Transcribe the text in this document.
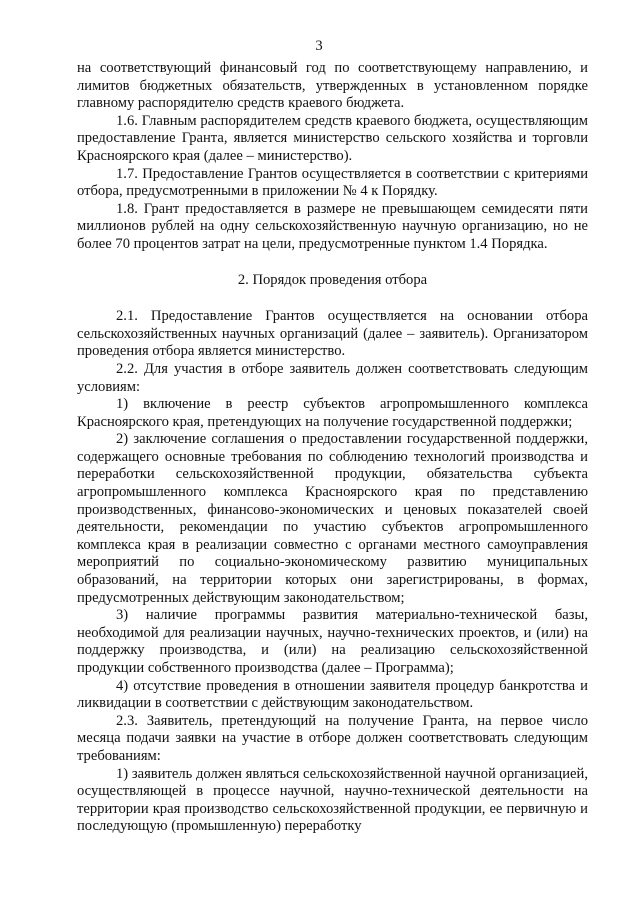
3

на соответствующий финансовый год по соответствующему направлению, и лимитов бюджетных обязательств, утвержденных в установленном порядке главному распорядителю средств краевого бюджета.

1.6. Главным распорядителем средств краевого бюджета, осуществляющим предоставление Гранта, является министерство сельского хозяйства и торговли Красноярского края (далее – министерство).

1.7. Предоставление Грантов осуществляется в соответствии с критериями отбора, предусмотренными в приложении № 4 к Порядку.

1.8. Грант предоставляется в размере не превышающем семидесяти пяти миллионов рублей на одну сельскохозяйственную научную организацию, но не более 70 процентов затрат на цели, предусмотренные пунктом 1.4 Порядка.

2. Порядок проведения отбора

2.1. Предоставление Грантов осуществляется на основании отбора сельскохозяйственных научных организаций (далее – заявитель). Организатором проведения отбора является министерство.

2.2. Для участия в отборе заявитель должен соответствовать следующим условиям:

1) включение в реестр субъектов агропромышленного комплекса Красноярского края, претендующих на получение государственной поддержки;

2) заключение соглашения о предоставлении государственной поддержки, содержащего основные требования по соблюдению технологий производства и переработки сельскохозяйственной продукции, обязательства субъекта агропромышленного комплекса Красноярского края по представлению производственных, финансово-экономических и ценовых показателей своей деятельности, рекомендации по участию субъектов агропромышленного комплекса края в реализации совместно с органами местного самоуправления мероприятий по социально-экономическому развитию муниципальных образований, на территории которых они зарегистрированы, в формах, предусмотренных действующим законодательством;

3) наличие программы развития материально-технической базы, необходимой для реализации научных, научно-технических проектов, и (или) на поддержку производства, и (или) на реализацию сельскохозяйственной продукции собственного производства (далее – Программа);

4) отсутствие проведения в отношении заявителя процедур банкротства и ликвидации в соответствии с действующим законодательством.

2.3. Заявитель, претендующий на получение Гранта, на первое число месяца подачи заявки на участие в отборе должен соответствовать следующим требованиям:

1) заявитель должен являться сельскохозяйственной научной организацией, осуществляющей в процессе научной, научно-технической деятельности на территории края производство сельскохозяйственной продукции, ее первичную и последующую (промышленную) переработку
